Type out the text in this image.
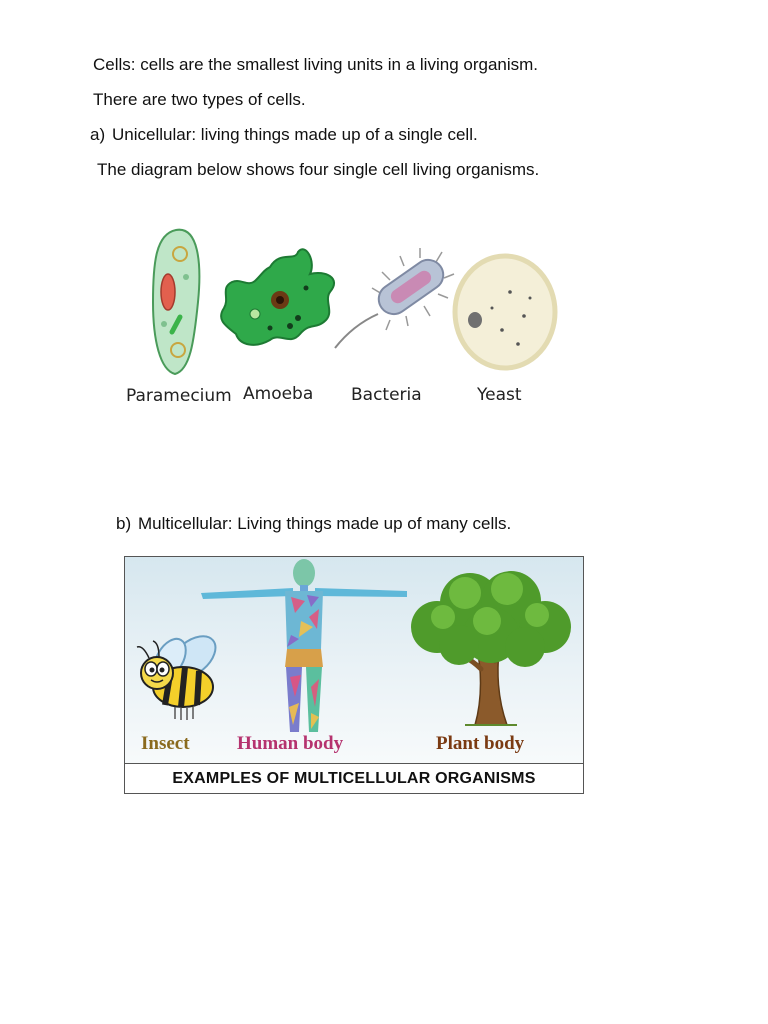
Cells: cells are the smallest living units in a living organism.
There are two types of cells.
a) Unicellular: living things made up of a single cell.
The diagram below shows four single cell living organisms.
Paramecium Amoeba Bacteria	Yeast
b) Multicellular: Living things made up of many cells.
Insect Human body	Plant body
EXAMPLES OF MULTICELLULAR ORGANISMS
